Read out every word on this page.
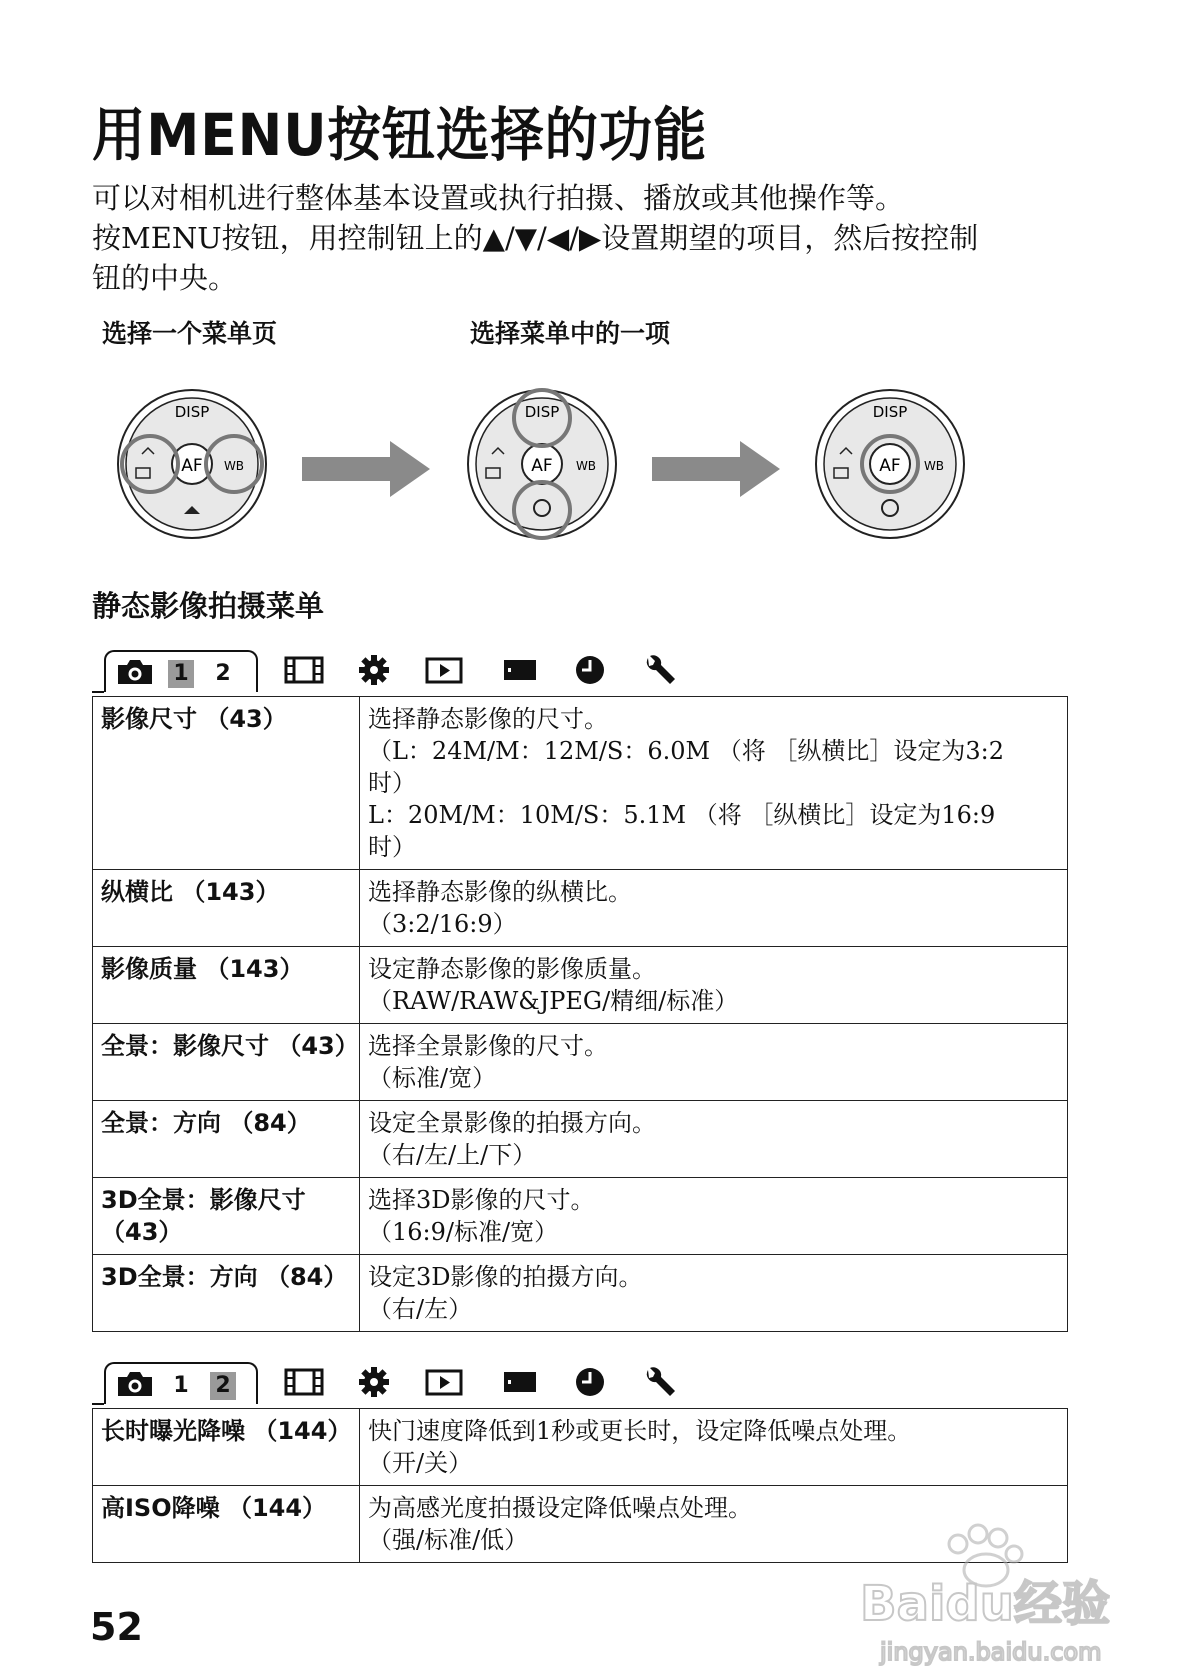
用MENU按钮选择的功能

可以对相机进行整体基本设置或执行拍摄、播放或其他操作等。

按MENU按钮，用控制钮上的▲/▼/◀/▶设置期望的项目，然后按控制

钮的中央。

选择一个菜单页	选择菜单中的一项
DISP
AF WB
DISP
AF WB
DISP
AF WB
静态影像拍摄菜单
1 2
影像尺寸 （43）	选择静态影像的尺寸。
（L：24M/M：12M/S：6.0M （将 ［纵横比］设定为3:2
时）
L：20M/M：10M/S：5.1M （将 ［纵横比］设定为16:9
时）

纵横比 （143）	选择静态影像的纵横比。
（3:2/16:9）

影像质量 （143）	设定静态影像的影像质量。
（RAW/RAW&JPEG/精细/标准）

全景：影像尺寸 （43）	选择全景影像的尺寸。
（标准/宽）

全景：方向 （84）	设定全景影像的拍摄方向。
（右/左/上/下）

3D全景：影像尺寸 （43）	选择3D影像的尺寸。
（16:9/标准/宽）

3D全景：方向 （84）	设定3D影像的拍摄方向。
（右/左）
1 2
长时曝光降噪 （144）	快门速度降低到1秒或更长时，设定降低噪点处理。
（开/关）

高ISO降噪 （144）	为高感光度拍摄设定降低噪点处理。
（强/标准/低）
52	Baidu经验
jingyan.baidu.com
